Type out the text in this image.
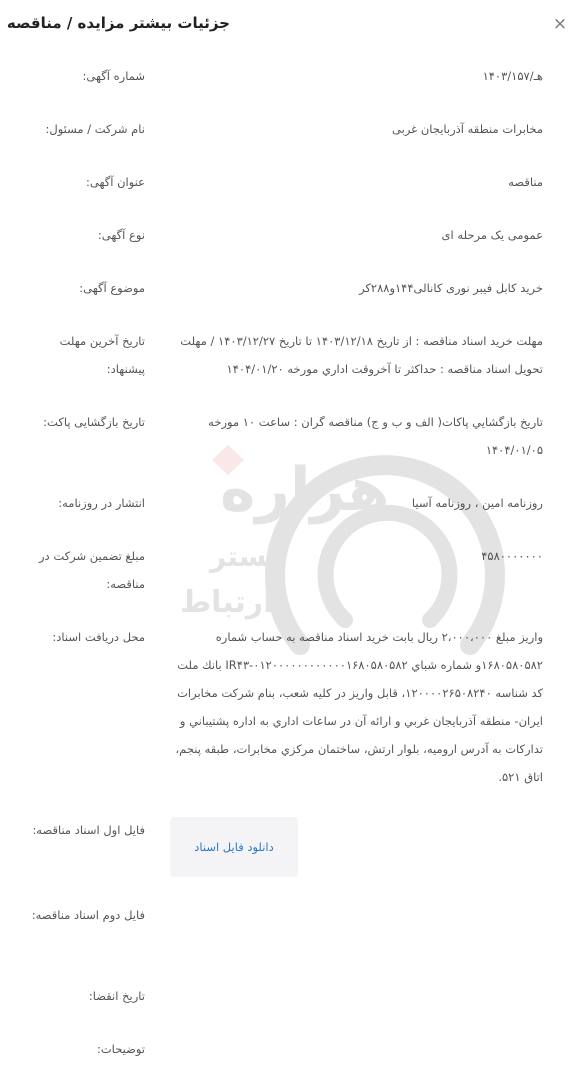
جزئیات بیشتر مزایده / مناقصه	×
شماره آگهی:	هـ/۱۴۰۳/۱۵۷
نام شرکت / مسئول:	مخابرات منطقه آذربایجان غربی
عنوان آگهی:	مناقصه
نوع آگهی:	عمومی یک مرحله ای
موضوع آگهی:	خرید کابل فیبر نوری کانالی۱۴۴و۲۸۸کر
تاریخ آخرین مهلت پیشنهاد:
مهلت خرید اسناد مناقصه : از تاریخ ۱۴۰۳/۱۲/۱۸ تا تاریخ ۱۴۰۳/۱۲/۲۷ / مهلت تحویل اسناد مناقصه : حداکثر تا آخروقت اداري مورخه ۱۴۰۴/۰۱/۲۰
تاریخ بازگشایی پاکت:	تاریخ بازگشايي پاکات( الف و ب و ج) مناقصه گران : ساعت ۱۰ مورخه ۱۴۰۴/۰۱/۰۵
انتشار در روزنامه:	روزنامه امین ، روزنامه آسیا
مبلغ تضمین شرکت در مناقصه:
۴۵۸۰۰۰۰۰۰۰
محل دریافت اسناد:	واريز مبلغ ۲،۰۰۰،۰۰۰ ريال بابت خريد اسناد مناقصه به حساب شماره ۱۶۸۰۵۸۰۵۸۲و شماره شباي IR۴۳-۰۱۲۰۰۰۰۰۰۰۰۰۰۰۰۱۶۸۰۵۸۰۵۸۲ بانك ملت کد شناسه ۱۲۰۰۰۰۲۶۵۰۸۲۴۰، قابل واريز در کليه شعب، بنام شرکت مخابرات ايران- منطقه آذربايجان غربي و ارائه آن در ساعات اداري به اداره پشتيباني و تدارکات به آدرس اروميه، بلوار ارتش، ساختمان مرکزي مخابرات، طبقه پنجم، اتاق ۵۲۱.
فایل اول اسناد مناقصه:
دانلود فایل اسناد
فایل دوم اسناد مناقصه:
تاریخ انقضا:
توضیحات:
هزاره
گستر
ارتباط
